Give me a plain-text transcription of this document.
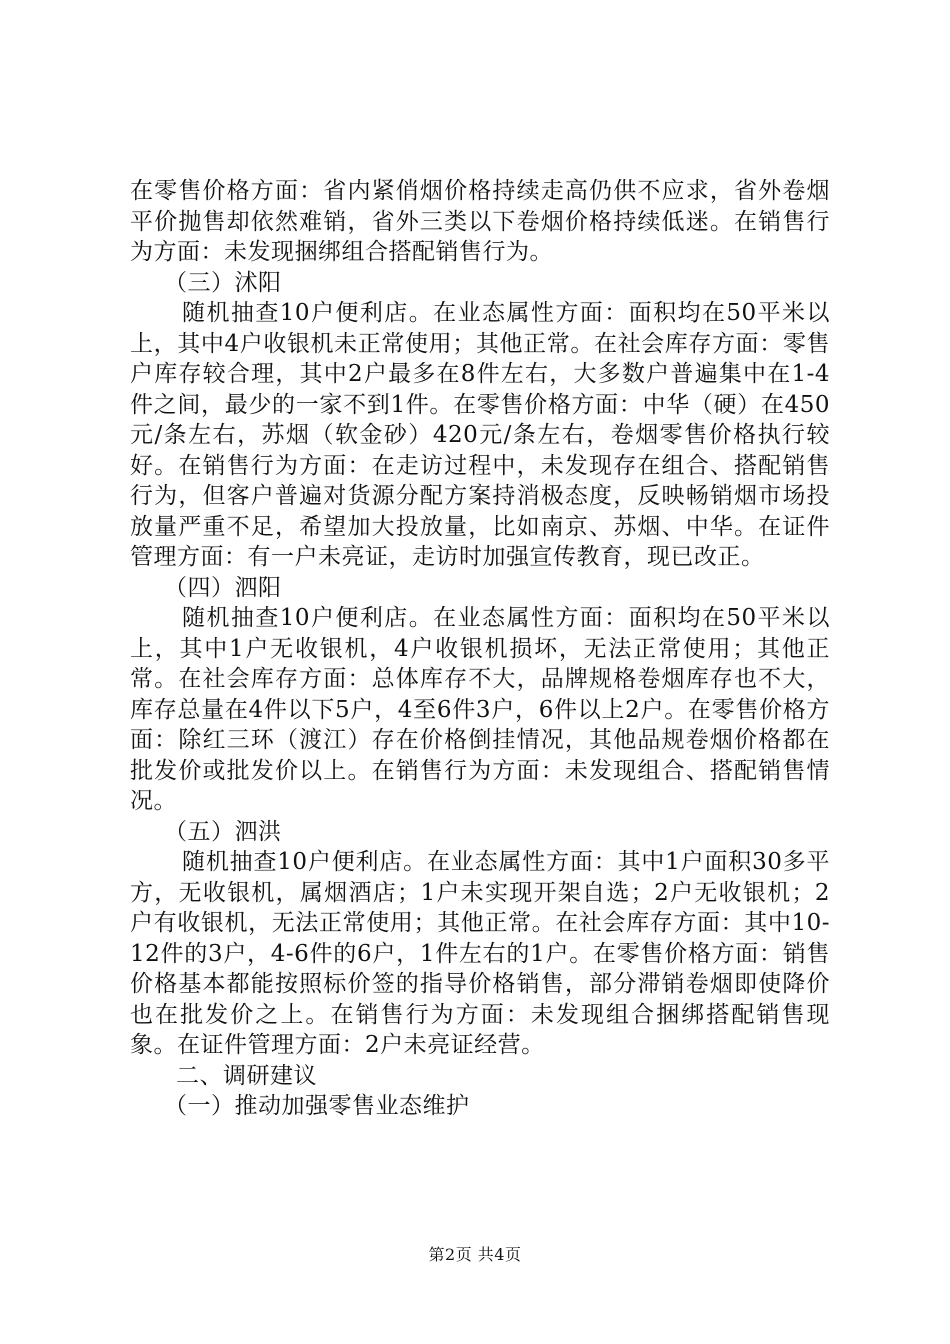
在零售价格方面：省内紧俏烟价格持续走高仍供不应求，省外卷烟平价抛售却依然难销，省外三类以下卷烟价格持续低迷。在销售行为方面：未发现捆绑组合搭配销售行为。

（三）沭阳

随机抽查10户便利店。在业态属性方面：面积均在50平米以上，其中4户收银机未正常使用；其他正常。在社会库存方面：零售户库存较合理，其中2户最多在8件左右，大多数户普遍集中在1-4件之间，最少的一家不到1件。在零售价格方面：中华（硬）在450元/条左右，苏烟（软金砂）420元/条左右，卷烟零售价格执行较好。在销售行为方面：在走访过程中，未发现存在组合、搭配销售行为，但客户普遍对货源分配方案持消极态度，反映畅销烟市场投放量严重不足，希望加大投放量，比如南京、苏烟、中华。在证件管理方面：有一户未亮证，走访时加强宣传教育，现已改正。

（四）泗阳

随机抽查10户便利店。在业态属性方面：面积均在50平米以上，其中1户无收银机，4户收银机损坏，无法正常使用；其他正常。在社会库存方面：总体库存不大，品牌规格卷烟库存也不大，库存总量在4件以下5户，4至6件3户，6件以上2户。在零售价格方面：除红三环（渡江）存在价格倒挂情况，其他品规卷烟价格都在批发价或批发价以上。在销售行为方面：未发现组合、搭配销售情况。

（五）泗洪

随机抽查10户便利店。在业态属性方面：其中1户面积30多平方，无收银机，属烟酒店；1户未实现开架自选；2户无收银机；2户有收银机，无法正常使用；其他正常。在社会库存方面：其中10-12件的3户，4-6件的6户，1件左右的1户。在零售价格方面：销售价格基本都能按照标价签的指导价格销售，部分滞销卷烟即使降价也在批发价之上。在销售行为方面：未发现组合捆绑搭配销售现象。在证件管理方面：2户未亮证经营。

二、调研建议

（一）推动加强零售业态维护

第2页 共4页
